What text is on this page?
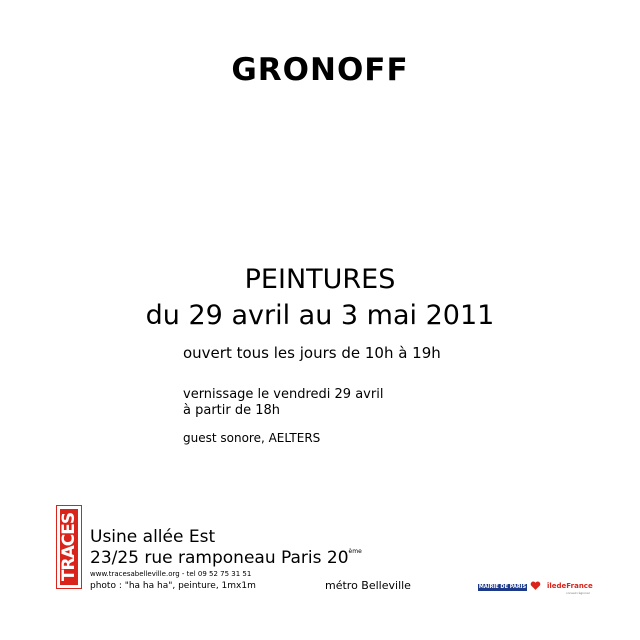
GRONOFF
PEINTURES
du 29 avril au 3 mai 2011
ouvert tous les jours de 10h à 19h
vernissage le vendredi 29 avril
à partir de 18h
guest sonore, AELTERS
TRACES Usine allée Est
23/25 rue ramponeau Paris 20ème
www.tracesabelleville.org - tel 09 52 75 31 51
photo : "ha ha ha", peinture, 1mx1m	métro Belleville	MAIRIE DE PARIS	îledeFrance
conseil régional
